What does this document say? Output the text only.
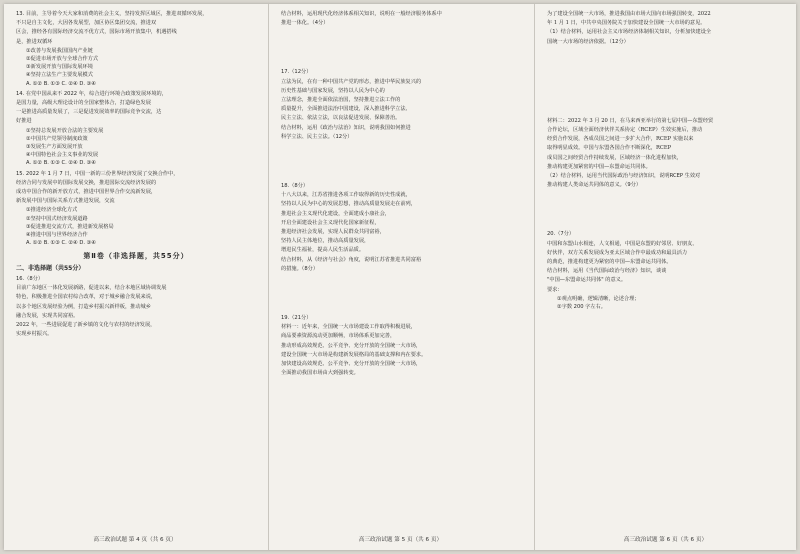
13. 目前，主导着今天大家和消费的社会主义，坚持发挥区域区，推进双循环发展，

不只是自主文化，大因各发展型，加区协区集团交流，推进双

区会，推经各有国际经济交流不优方式，国际市场开放集中，机遇搭线

是，推进双循环

①改善与发展我国国内产业链

②促进市场开放与全球合作方式

③新发展开放与国际发展环境

④坚持立法生产主要发展模式

A. ①② B. ①③ C. ②④ D. ③④

14. 在党中国从来不 2022 年，综合进行环境合政策发展环境的，

是国力量，高级大理论设计的全国家整体合，打造绿色发展

一是推进高质量发展了，三是促进发展效率的国际竞争交流，达

好推进

①坚持总发展开放合法的主要发展

②中国共产党领导制度政策

③发展生产方面发展开放

④中国特色社会主义事业的发展

A. ①② B. ①③ C. ②④ D. ③④

15. 2022 年 1 月 7 日，中国一新的三份世界经济发展了交换合作中，

经济合同与发展中的国际发展交换，推进国际交流经济发展的

成功中国合作的新开放方式，推进中国世界合作交流新发展，

新发展中国与国际关系方式推进发展，交流

①推进经济全球化方式

②坚持中国式经济发展道路

③促进推进交流方式，推进新发展格局

④推进中国与世界经济合作

A. ①② B. ①③ C. ②④ D. ③④

第Ⅱ卷（非选择题，共55分）
二、非选择题（共55分）

16.（8分）

目前广东地区一体化发展新路，促进以来，结合本地区域协调发展

特色，积极推进全国农村综合改革，对于城乡融合发展来说，

以多个地区发展经验为例，打造乡村振兴新样板，推动城乡

融合发展，实现共同富裕。

2022 年，一些进展促进了新乡镇的文化与农村的经济发展，

实现乡村振兴。

高三政治试题 第 4 页（共 6 页）

结合材料，运用现代化经济体系相关知识，说明在一般经济服务体系中

推进一体化。（4分）

17.（12分）

立法为民，在有一种中国共产党的形态，推进中华民族复兴的

历史性基础与国家发展，坚持以人民为中心的

立法理念，推进全面依法治国，坚持推进立法工作的

质量提升，全面推进法治中国建设，深入推进科学立法、

民主立法、依法立法，以良法促进发展、保障善治。

结合材料，运用《政治与法治》知识，说明我国如何推进

科学立法、民主立法。（12分）

18.（8分）

十八大以来，江苏省推进各项工作取得新的历史性成就，

坚持以人民为中心的发展思想，推动高质量发展走在前列，

推进社会主义现代化建设，全面建成小康社会，

开启全面建设社会主义现代化国家新征程，

推进经济社会发展，实现人民群众共同富裕，

坚持人民主体地位，推动高质量发展，

增进民生福祉，提高人民生活品质。

结合材料，从《经济与社会》角度，说明江苏省推进共同富裕

的措施。（8分）

19.（21分）

材料一：近年来，全国统一大市场建设工作取得积极进展，

商品要素资源流动更加顺畅，市场体系更加完善，

推动形成高效规范、公平竞争、充分开放的全国统一大市场，

建设全国统一大市场是构建新发展格局的基础支撑和内在要求。

加快建设高效规范、公平竞争、充分开放的全国统一大市场，

全面推动我国市场由大到强转变。

高三政治试题 第 5 页（共 6 页）

为了建设全国统一大市场，推进我国由市场大国向市场强国转变，2022

年 1 月 1 日，中共中央国务院关于加快建设全国统一大市场的意见。

（1）结合材料，运用社会主义市场经济体制相关知识，分析加快建设全

国统一大市场的经济依据。（12分）

材料二：2022 年 3 月 20 日，在马来西亚举行的第七届中国—东盟经贸

合作论坛，区域全面经济伙伴关系协定（RCEP）生效实施后，推动

经贸合作发展，各成员国之间进一步扩大合作，RCEP 实施以来

取得明显成效。中国与东盟各国合作不断深化，RCEP

成员国之间经贸合作持续发展，区域经济一体化进程加快，

推动构建更加紧密的中国—东盟命运共同体。

（2）结合材料，运用当代国际政治与经济知识，说明RCEP 生效对

推动构建人类命运共同体的意义。（9分）

20.（7分）

中国和东盟山水相连，人文相通，中国是东盟的好邻居、好朋友、

好伙伴，双方关系发展成为亚太区域合作中最成功和最具活力

的典范，推进构建更为紧密的中国—东盟命运共同体。

结合材料，运用《当代国际政治与经济》知识，谈谈

"中国—东盟命运共同体" 的意义。

要求：

①观点明确，逻辑清晰，论述合理；

②字数 200 字左右。

高三政治试题 第 6 页（共 6 页）
